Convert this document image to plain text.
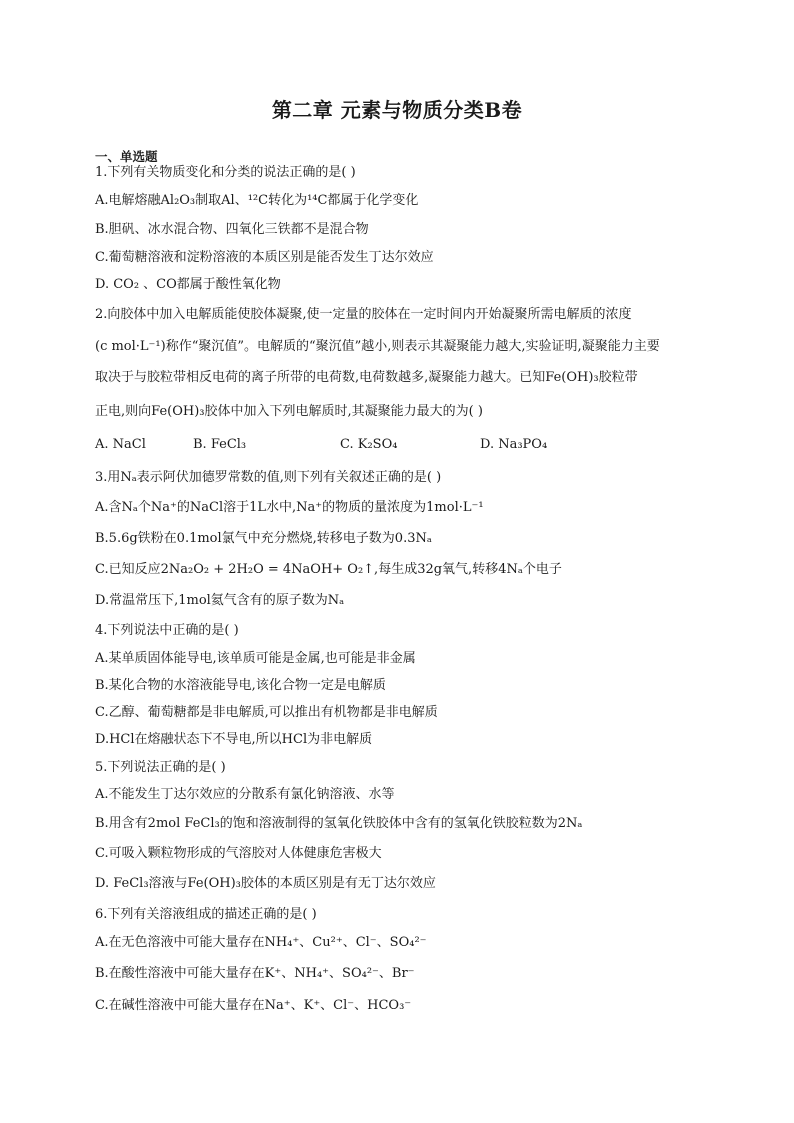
第二章 元素与物质分类B卷
一、单选题
1.下列有关物质变化和分类的说法正确的是( )
A.电解熔融Al₂O₃制取Al、¹²C转化为¹⁴C都属于化学变化
B.胆矾、冰水混合物、四氧化三铁都不是混合物
C.葡萄糖溶液和淀粉溶液的本质区别是能否发生丁达尔效应
D. CO₂ 、CO都属于酸性氧化物
2.向胶体中加入电解质能使胶体凝聚,使一定量的胶体在一定时间内开始凝聚所需电解质的浓度
(c mol·L⁻¹)称作“聚沉值”。电解质的“聚沉值”越小,则表示其凝聚能力越大,实验证明,凝聚能力主要
取决于与胶粒带相反电荷的离子所带的电荷数,电荷数越多,凝聚能力越大。已知Fe(OH)₃胶粒带
正电,则向Fe(OH)₃胶体中加入下列电解质时,其凝聚能力最大的为( )
A. NaCl	B. FeCl₃	C. K₂SO₄	D. Na₃PO₄
3.用Nₐ表示阿伏加德罗常数的值,则下列有关叙述正确的是( )
A.含Nₐ个Na⁺的NaCl溶于1L水中,Na⁺的物质的量浓度为1mol·L⁻¹
B.5.6g铁粉在0.1mol氯气中充分燃烧,转移电子数为0.3Nₐ
C.已知反应2Na₂O₂ + 2H₂O = 4NaOH+ O₂↑,每生成32g氧气,转移4Nₐ个电子
D.常温常压下,1mol氦气含有的原子数为Nₐ
4.下列说法中正确的是( )
A.某单质固体能导电,该单质可能是金属,也可能是非金属
B.某化合物的水溶液能导电,该化合物一定是电解质
C.乙醇、葡萄糖都是非电解质,可以推出有机物都是非电解质
D.HCl在熔融状态下不导电,所以HCl为非电解质
5.下列说法正确的是( )
A.不能发生丁达尔效应的分散系有氯化钠溶液、水等
B.用含有2mol FeCl₃的饱和溶液制得的氢氧化铁胶体中含有的氢氧化铁胶粒数为2Nₐ
C.可吸入颗粒物形成的气溶胶对人体健康危害极大
D. FeCl₃溶液与Fe(OH)₃胶体的本质区别是有无丁达尔效应
6.下列有关溶液组成的描述正确的是( )
A.在无色溶液中可能大量存在NH₄⁺、Cu²⁺、Cl⁻、SO₄²⁻
B.在酸性溶液中可能大量存在K⁺、NH₄⁺、SO₄²⁻、Br⁻
C.在碱性溶液中可能大量存在Na⁺、K⁺、Cl⁻、HCO₃⁻
